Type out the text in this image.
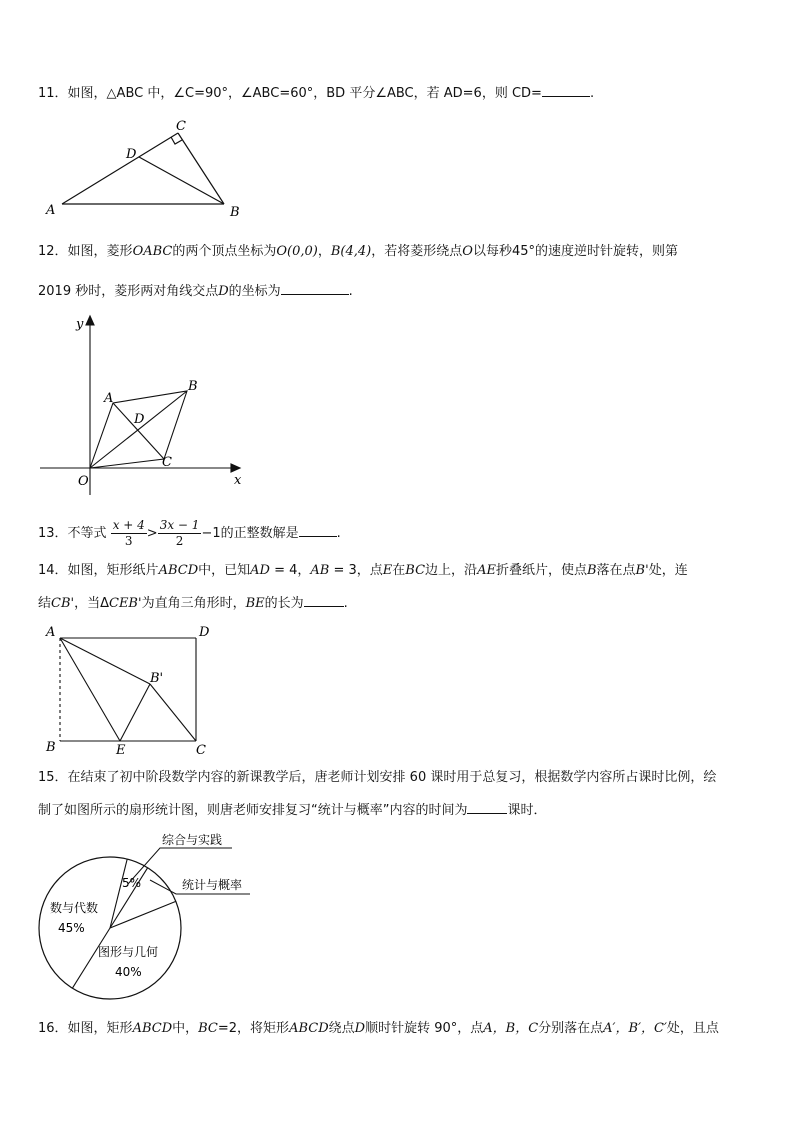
11．如图，△ABC 中，∠C=90°，∠ABC=60°，BD 平分∠ABC，若 AD=6，则 CD=	.
A	B
C
D
12．如图，菱形OABC的两个顶点坐标为O(0,0)，B(4,4)，若将菱形绕点O以每秒45°的速度逆时针旋转，则第
2019 秒时，菱形两对角线交点D的坐标为	.
y
x
O
A
B
C
D
13．不等式 $\frac{x + 4}{3} > \frac{3x - 1}{2} -1$的正整数解是	.
14．如图，矩形纸片ABCD中，已知AD = 4，AB = 3，点E在BC边上，沿AE折叠纸片，使点B落在点B'处，连
结CB'，当ΔCEB'为直角三角形时，BE的长为	.
A	D
B	C
E
B'
15．在结束了初中阶段数学内容的新课教学后，唐老师计划安排 60 课时用于总复习，根据数学内容所占课时比例，绘
制了如图所示的扇形统计图，则唐老师安排复习“统计与概率”内容的时间为	课时．
综合与实践
统计与概率
数与代数
45%
图形与几何
40%
5%
16．如图，矩形ABCD中，BC=2，将矩形ABCD绕点D顺时针旋转 90°，点A，B，C分别落在点A′，B′，C′处，且点
